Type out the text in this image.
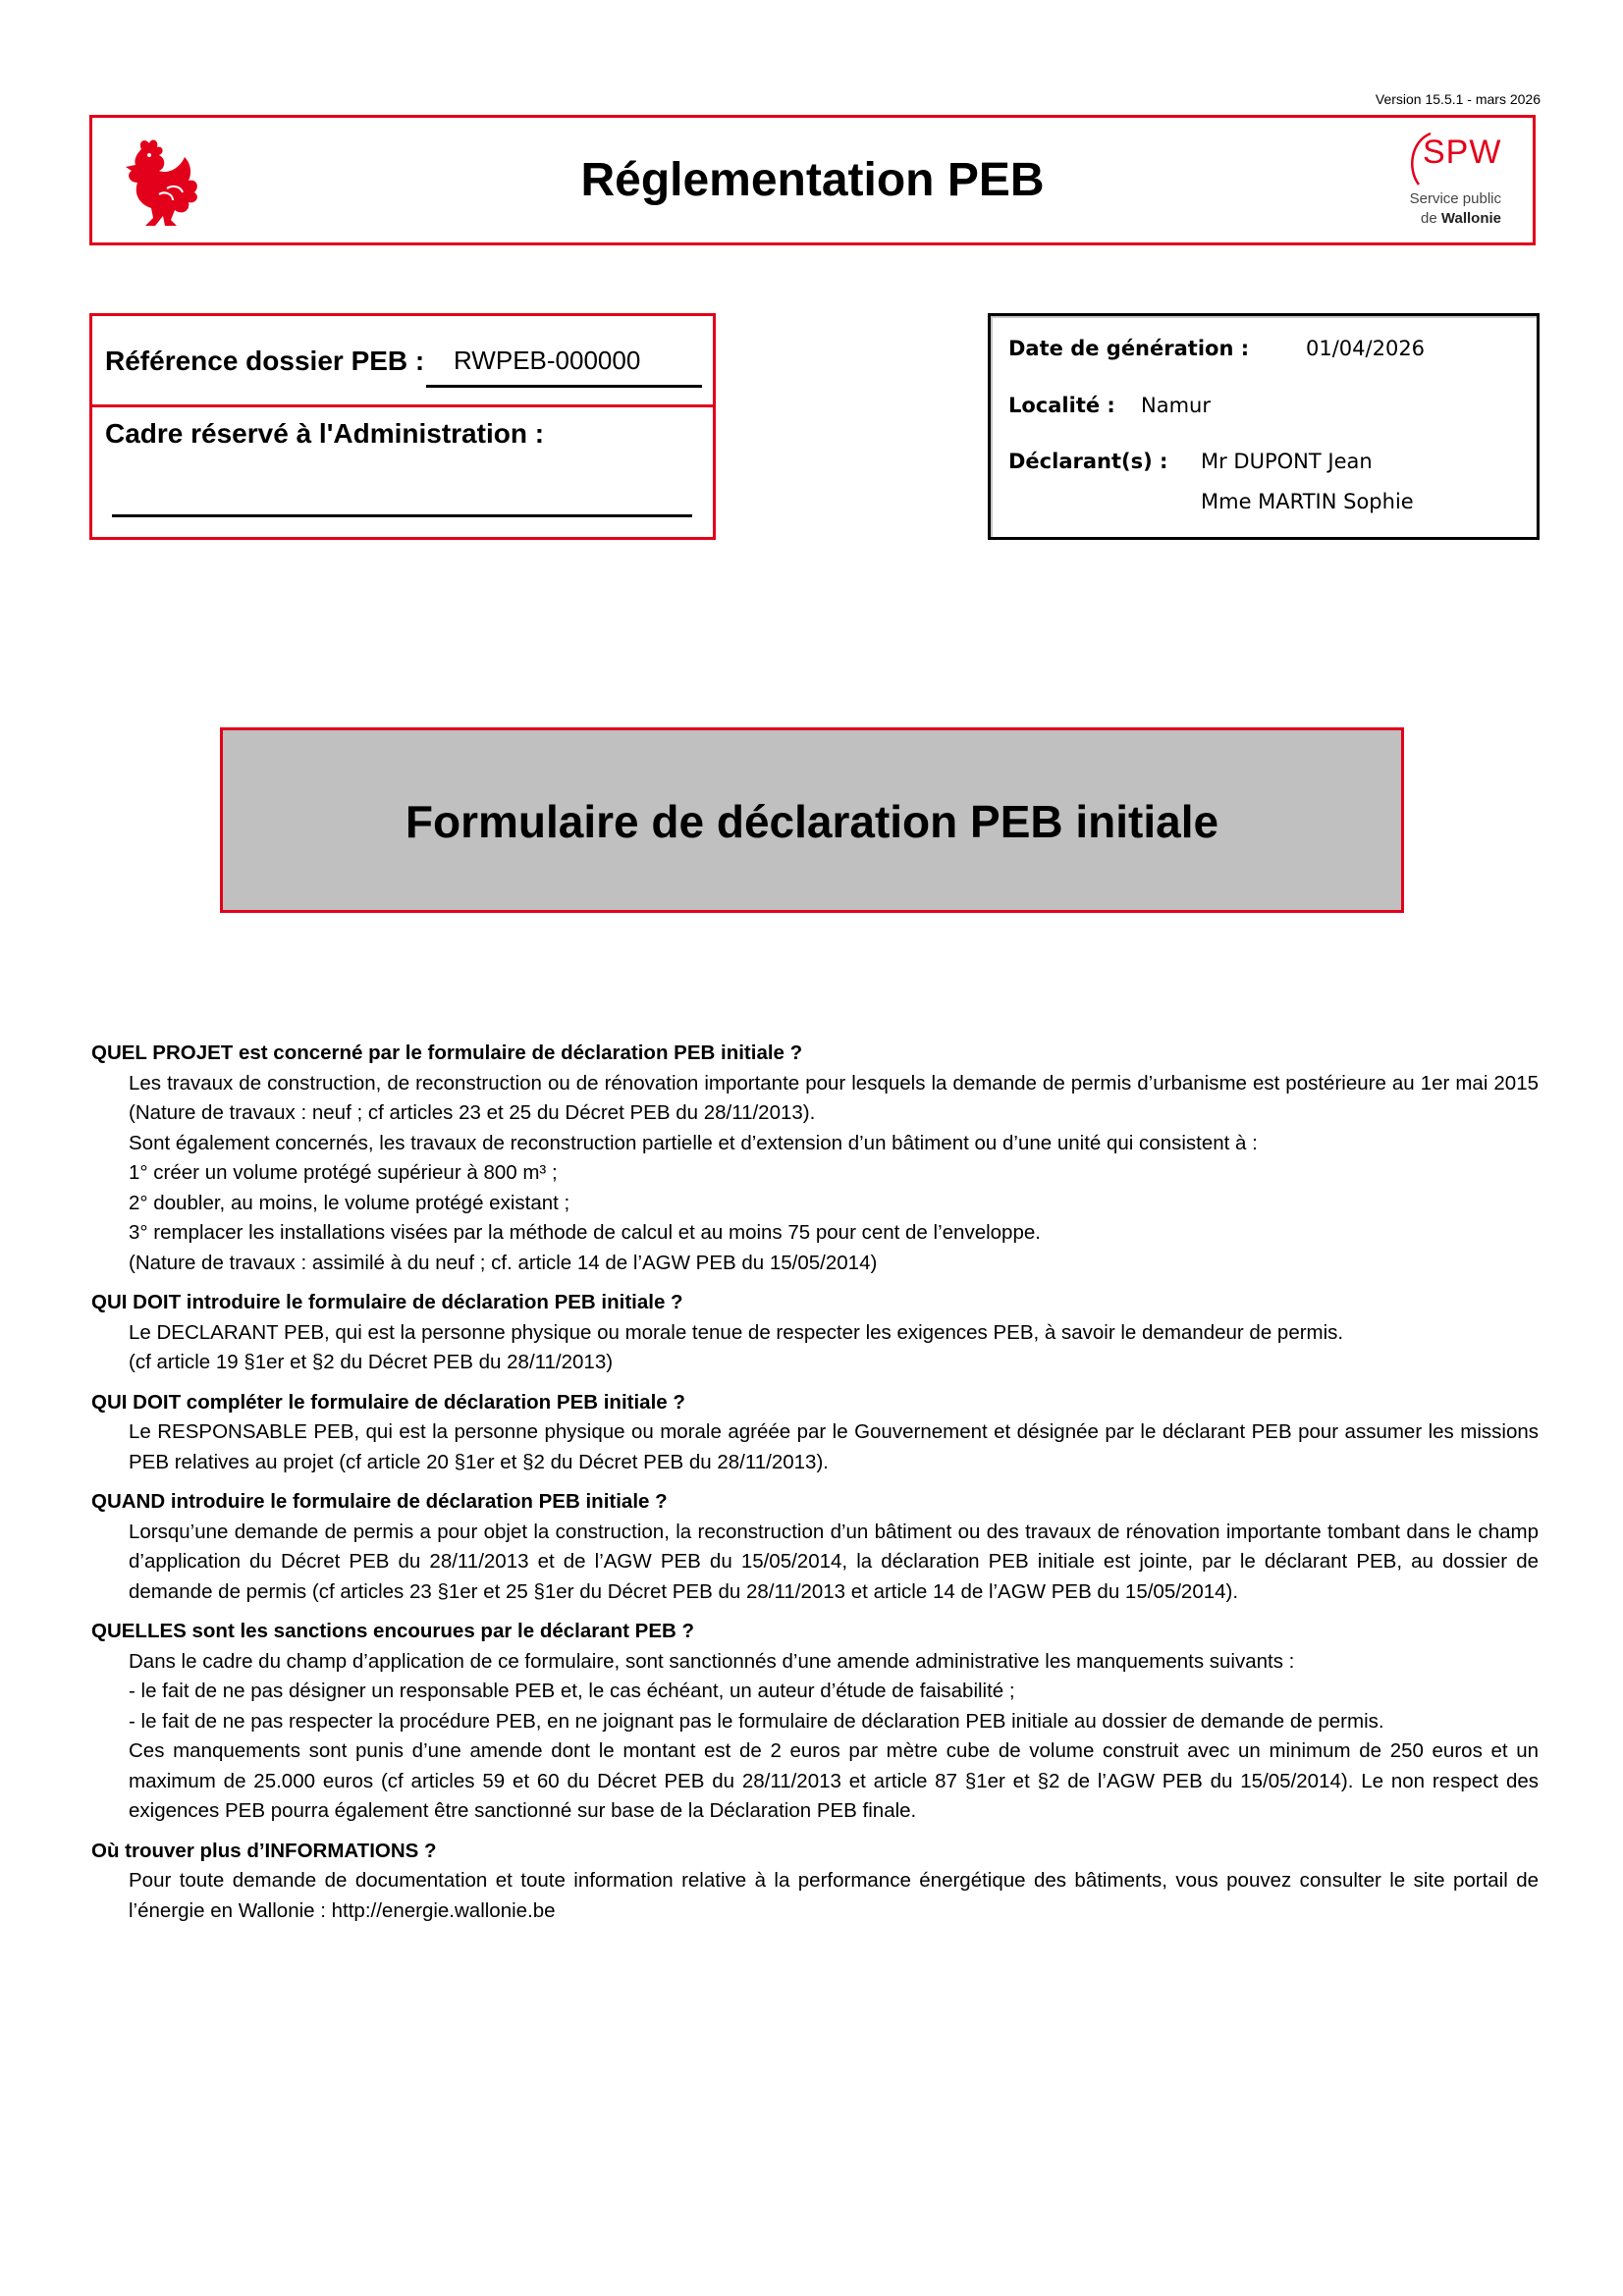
Version 15.5.1 - mars 2026
Réglementation PEB
SPW
Service public
de Wallonie
Référence dossier PEB : RWPEB-000000
Cadre réservé à l'Administration :
Date de génération :	01/04/2026
Localité : Namur
Déclarant(s) : Mr DUPONT Jean
Mme MARTIN Sophie
Formulaire de déclaration PEB initiale

QUEL PROJET est concerné par le formulaire de déclaration PEB initiale ?

Les travaux de construction, de reconstruction ou de rénovation importante pour lesquels la demande de permis d’urbanisme est postérieure au 1er mai 2015 (Nature de travaux : neuf ; cf articles 23 et 25 du Décret PEB du 28/11/2013).

Sont également concernés, les travaux de reconstruction partielle et d’extension d’un bâtiment ou d’une unité qui consistent à :

1° créer un volume protégé supérieur à 800 m³ ;

2° doubler, au moins, le volume protégé existant ;

3° remplacer les installations visées par la méthode de calcul et au moins 75 pour cent de l’enveloppe.

(Nature de travaux : assimilé à du neuf ; cf. article 14 de l’AGW PEB du 15/05/2014)

QUI DOIT introduire le formulaire de déclaration PEB initiale ?

Le DECLARANT PEB, qui est la personne physique ou morale tenue de respecter les exigences PEB, à savoir le demandeur de permis.

(cf article 19 §1er et §2 du Décret PEB du 28/11/2013)

QUI DOIT compléter le formulaire de déclaration PEB initiale ?

Le RESPONSABLE PEB, qui est la personne physique ou morale agréée par le Gouvernement et désignée par le déclarant PEB pour assumer les missions PEB relatives au projet (cf article 20 §1er et §2 du Décret PEB du 28/11/2013).

QUAND introduire le formulaire de déclaration PEB initiale ?

Lorsqu’une demande de permis a pour objet la construction, la reconstruction d’un bâtiment ou des travaux de rénovation importante tombant dans le champ d’application du Décret PEB du 28/11/2013 et de l’AGW PEB du 15/05/2014, la déclaration PEB initiale est jointe, par le déclarant PEB, au dossier de demande de permis (cf articles 23 §1er et 25 §1er du Décret PEB du 28/11/2013 et article 14 de l’AGW PEB du 15/05/2014).

QUELLES sont les sanctions encourues par le déclarant PEB ?

Dans le cadre du champ d’application de ce formulaire, sont sanctionnés d’une amende administrative les manquements suivants :

- le fait de ne pas désigner un responsable PEB et, le cas échéant, un auteur d’étude de faisabilité ;

- le fait de ne pas respecter la procédure PEB, en ne joignant pas le formulaire de déclaration PEB initiale au dossier de demande de permis.

Ces manquements sont punis d’une amende dont le montant est de 2 euros par mètre cube de volume construit avec un minimum de 250 euros et un maximum de 25.000 euros (cf articles 59 et 60 du Décret PEB du 28/11/2013 et article 87 §1er et §2 de l’AGW PEB du 15/05/2014). Le non respect des exigences PEB pourra également être sanctionné sur base de la Déclaration PEB finale.

Où trouver plus d’INFORMATIONS ?

Pour toute demande de documentation et toute information relative à la performance énergétique des bâtiments, vous pouvez consulter le site portail de l’énergie en Wallonie : http://energie.wallonie.be
